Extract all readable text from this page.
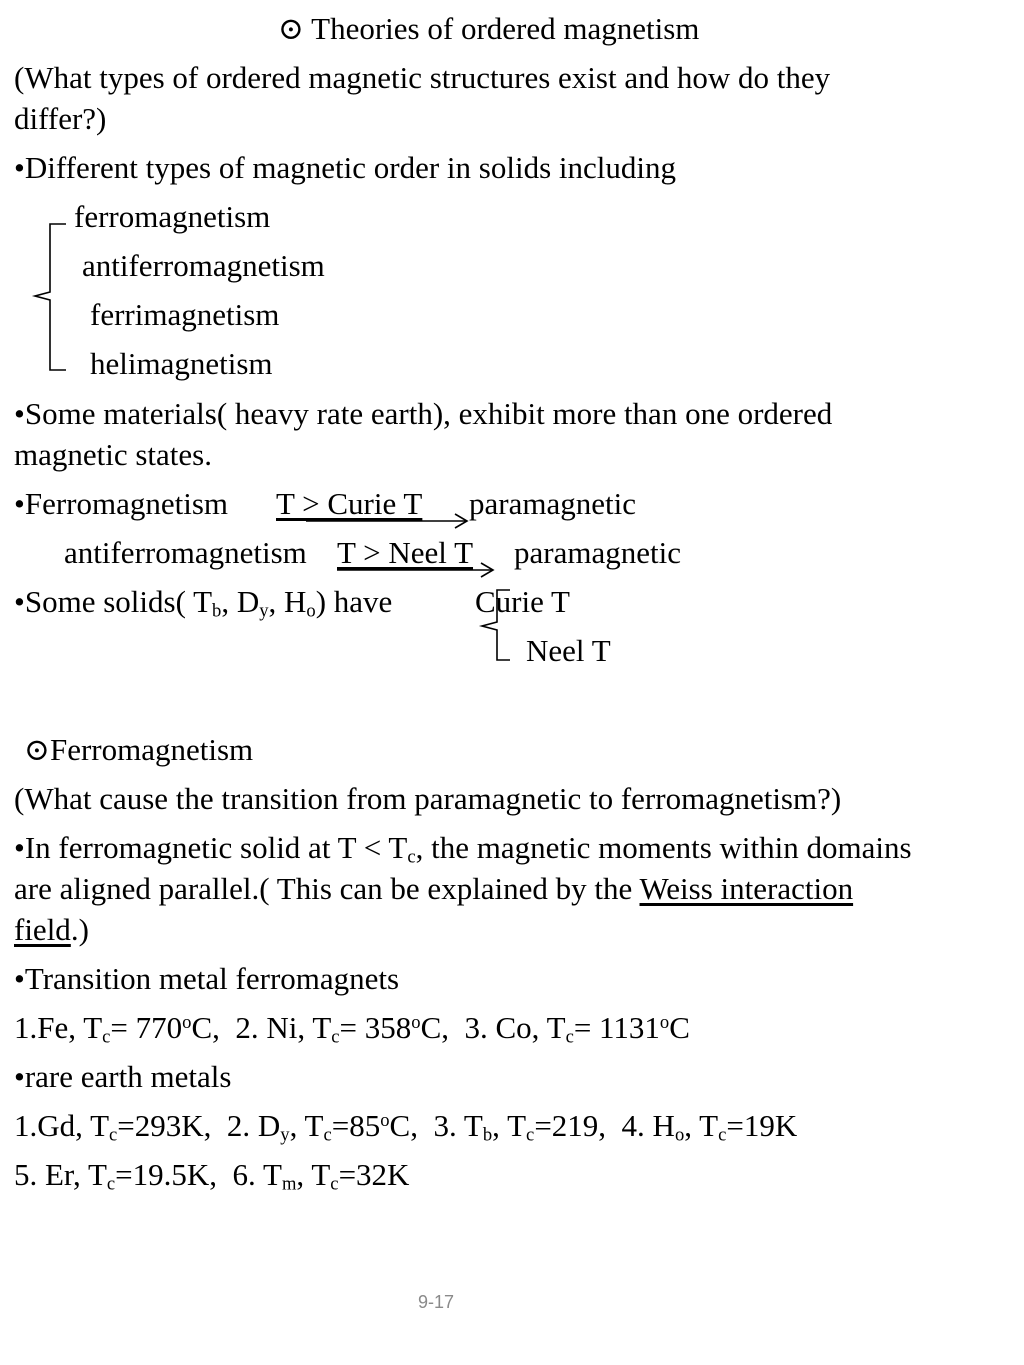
⊙ Theories of ordered magnetism
(What types of ordered magnetic structures exist and how do they
differ?)
•Different types of magnetic order in solids including
ferromagnetism
antiferromagnetism
ferrimagnetism
helimagnetism
•Some materials( heavy rate earth), exhibit more than one ordered
magnetic states.
•Ferromagnetism T > Curie T paramagnetic
antiferromagnetism T > Neel T paramagnetic
•Some solids( $T_b$, $D_y$, $H_o$) have	Curie T
Neel T
⊙Ferromagnetism
(What cause the transition from paramagnetic to ferromagnetism?)
•In ferromagnetic solid at $T < T_c$, the magnetic moments within domains
are aligned parallel.( This can be explained by the Weiss interaction
field.)
•Transition metal ferromagnets
1.Fe, $T_c= 770^oC$, 2. Ni, $T_c= 358^oC$, 3. Co, $T_c= 1131^oC$
•rare earth metals
1.Gd, $T_c=293K$, 2. $D_y$, $T_c=85^oC$, 3. $T_b$, $T_c=219$, 4. $H_o$, $T_c=19K$
5. Er, $T_c=19.5K$, 6. $T_m$, $T_c=32K$
9-17
